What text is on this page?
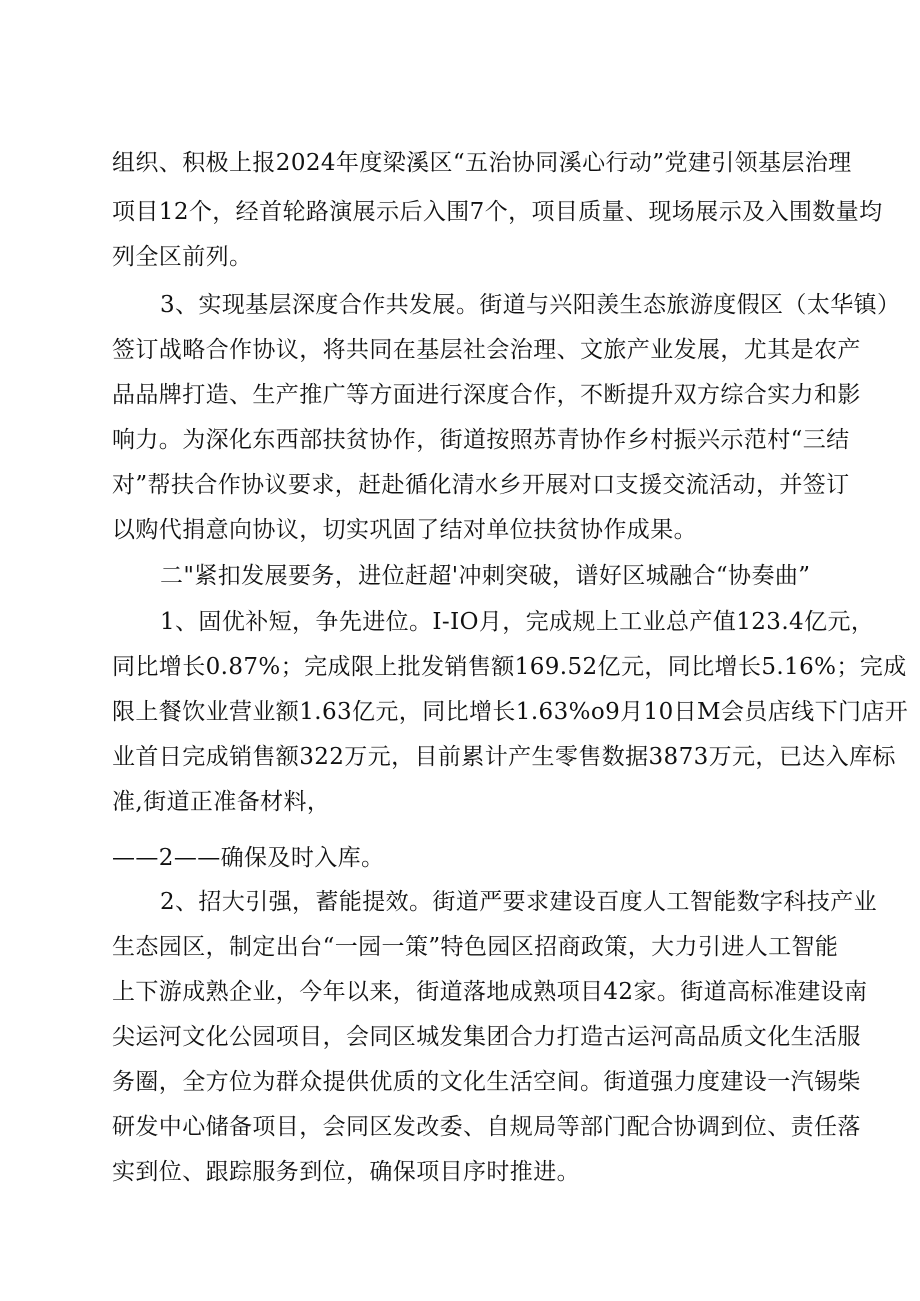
组织、积极上报2024年度梁溪区“五治协同溪心行动”党建引领基层治理
项目12个，经首轮路演展示后入围7个，项目质量、现场展示及入围数量均
列全区前列。
3、实现基层深度合作共发展。街道与兴阳羡生态旅游度假区（太华镇）
签订战略合作协议，将共同在基层社会治理、文旅产业发展，尤其是农产
品品牌打造、生产推广等方面进行深度合作，不断提升双方综合实力和影
响力。为深化东西部扶贫协作，街道按照苏青协作乡村振兴示范村“三结
对”帮扶合作协议要求，赶赴循化清水乡开展对口支援交流活动，并签订
以购代捐意向协议，切实巩固了结对单位扶贫协作成果。
二"紧扣发展要务，进位赶超'冲刺突破，谱好区城融合“协奏曲”
1、固优补短，争先进位。I-IO月，完成规上工业总产值123.4亿元，
同比增长0.87%；完成限上批发销售额169.52亿元，同比增长5.16%；完成
限上餐饮业营业额1.63亿元，同比增长1.63%o9月10日M会员店线下门店开
业首日完成销售额322万元，目前累计产生零售数据3873万元，已达入库标
准,街道正准备材料，
——2——确保及时入库。
2、招大引强，蓄能提效。街道严要求建设百度人工智能数字科技产业
生态园区，制定出台“一园一策”特色园区招商政策，大力引进人工智能
上下游成熟企业，今年以来，街道落地成熟项目42家。街道高标准建设南
尖运河文化公园项目，会同区城发集团合力打造古运河高品质文化生活服
务圈，全方位为群众提供优质的文化生活空间。街道强力度建设一汽锡柴
研发中心储备项目，会同区发改委、自规局等部门配合协调到位、责任落
实到位、跟踪服务到位，确保项目序时推进。
